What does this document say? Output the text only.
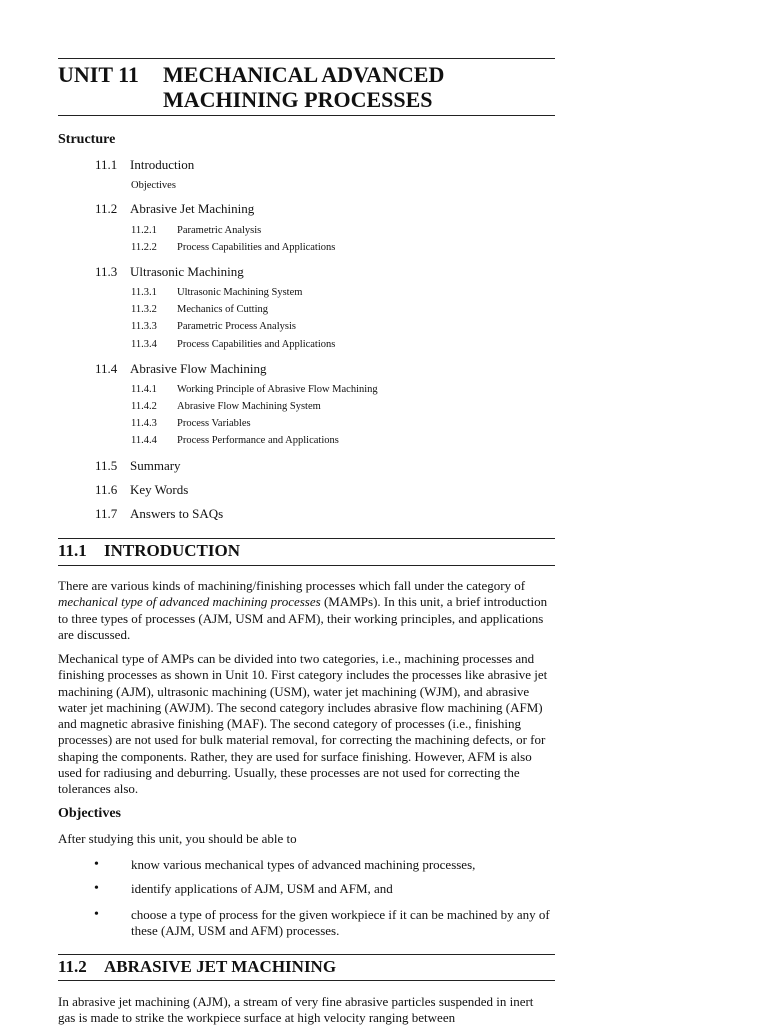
UNIT 11 MECHANICAL ADVANCED MACHINING PROCESSES
Structure
11.1 Introduction
Objectives
11.2 Abrasive Jet Machining
11.2.1 Parametric Analysis
11.2.2 Process Capabilities and Applications
11.3 Ultrasonic Machining
11.3.1 Ultrasonic Machining System
11.3.2 Mechanics of Cutting
11.3.3 Parametric Process Analysis
11.3.4 Process Capabilities and Applications
11.4 Abrasive Flow Machining
11.4.1 Working Principle of Abrasive Flow Machining
11.4.2 Abrasive Flow Machining System
11.4.3 Process Variables
11.4.4 Process Performance and Applications
11.5 Summary
11.6 Key Words
11.7 Answers to SAQs
11.1 INTRODUCTION

There are various kinds of machining/finishing processes which fall under the category of mechanical type of advanced machining processes (MAMPs). In this unit, a brief introduction to three types of processes (AJM, USM and AFM), their working principles, and applications are discussed.

Mechanical type of AMPs can be divided into two categories, i.e., machining processes and finishing processes as shown in Unit 10. First category includes the processes like abrasive jet machining (AJM), ultrasonic machining (USM), water jet machining (WJM), and abrasive water jet machining (AWJM). The second category includes abrasive flow machining (AFM) and magnetic abrasive finishing (MAF). The second category of processes (i.e., finishing processes) are not used for bulk material removal, for correcting the machining defects, or for shaping the components. Rather, they are used for surface finishing. However, AFM is also used for radiusing and deburring. Usually, these processes are not used for correcting the tolerances also.

Objectives

After studying this unit, you should be able to

• know various mechanical types of advanced machining processes,
• identify applications of AJM, USM and AFM, and
• choose a type of process for the given workpiece if it can be machined by any of these (AJM, USM and AFM) processes.
11.2 ABRASIVE JET MACHINING

In abrasive jet machining (AJM), a stream of very fine abrasive particles suspended in inert gas is made to strike the workpiece surface at high velocity ranging between
